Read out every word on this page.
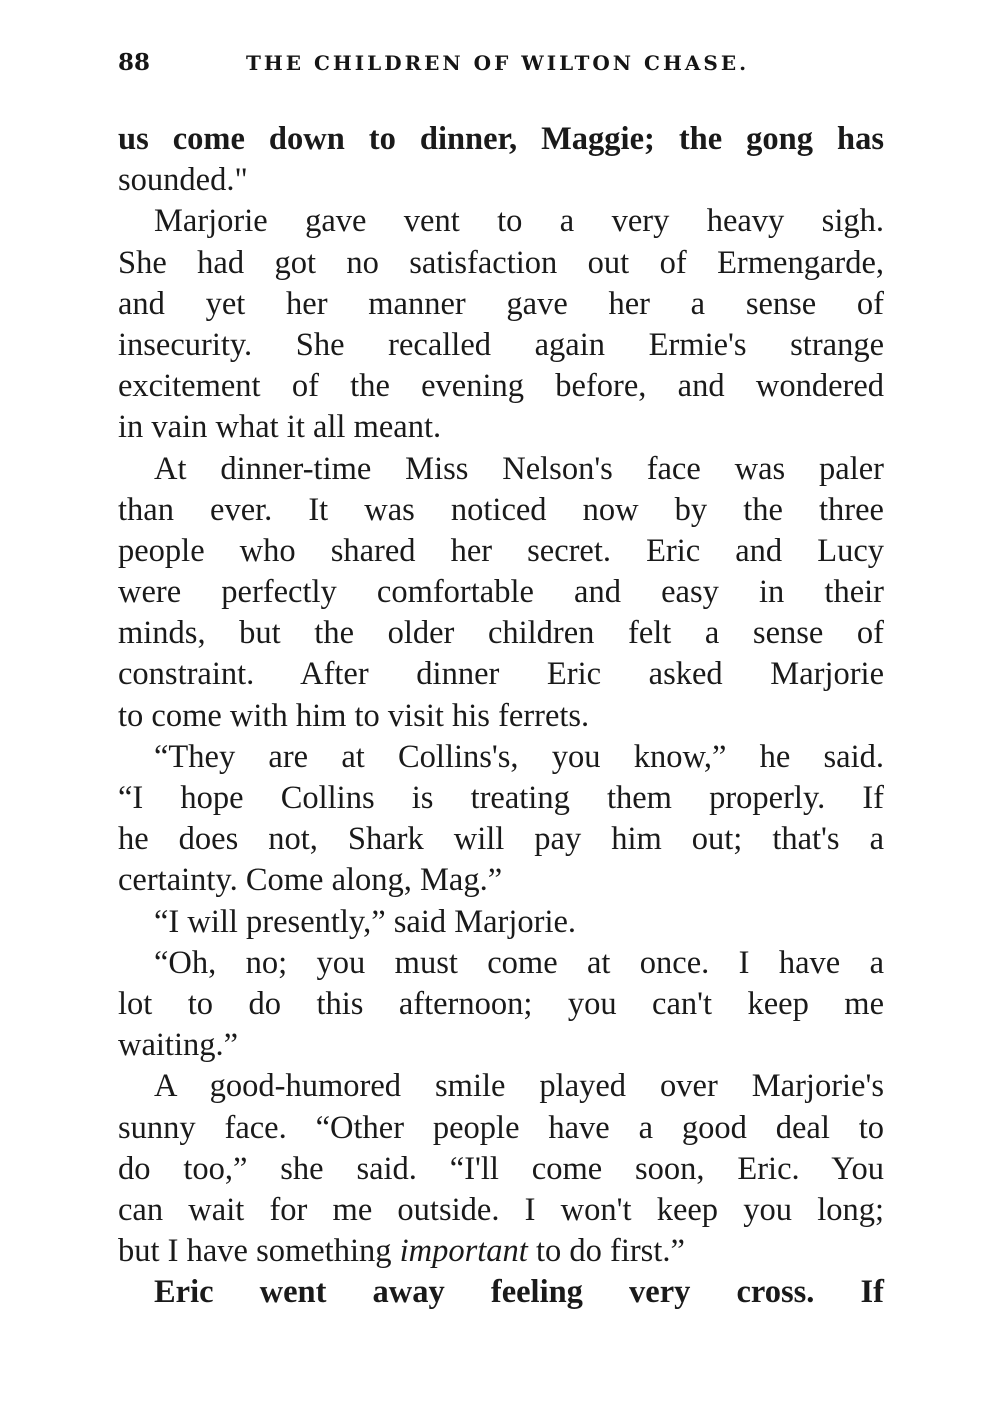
88	THE CHILDREN OF WILTON CHASE.
us come down to dinner, Maggie; the gong has
sounded."
Marjorie gave vent to a very heavy sigh.
She had got no satisfaction out of Ermengarde,
and yet her manner gave her a sense of
insecurity. She recalled again Ermie's strange
excitement of the evening before, and wondered
in vain what it all meant.
At dinner-time Miss Nelson's face was paler
than ever. It was noticed now by the three
people who shared her secret. Eric and Lucy
were perfectly comfortable and easy in their
minds, but the older children felt a sense of
constraint. After dinner Eric asked Marjorie
to come with him to visit his ferrets.
“They are at Collins's, you know,” he said.
“I hope Collins is treating them properly. If
he does not, Shark will pay him out; that's a
certainty. Come along, Mag.”
“I will presently,” said Marjorie.
“Oh, no; you must come at once. I have a
lot to do this afternoon; you can't keep me
waiting.”
A good-humored smile played over Marjorie's
sunny face. “Other people have a good deal to
do too,” she said. “I'll come soon, Eric. You
can wait for me outside. I won't keep you long;
but I have something important to do first.”
Eric went away feeling very cross. If
